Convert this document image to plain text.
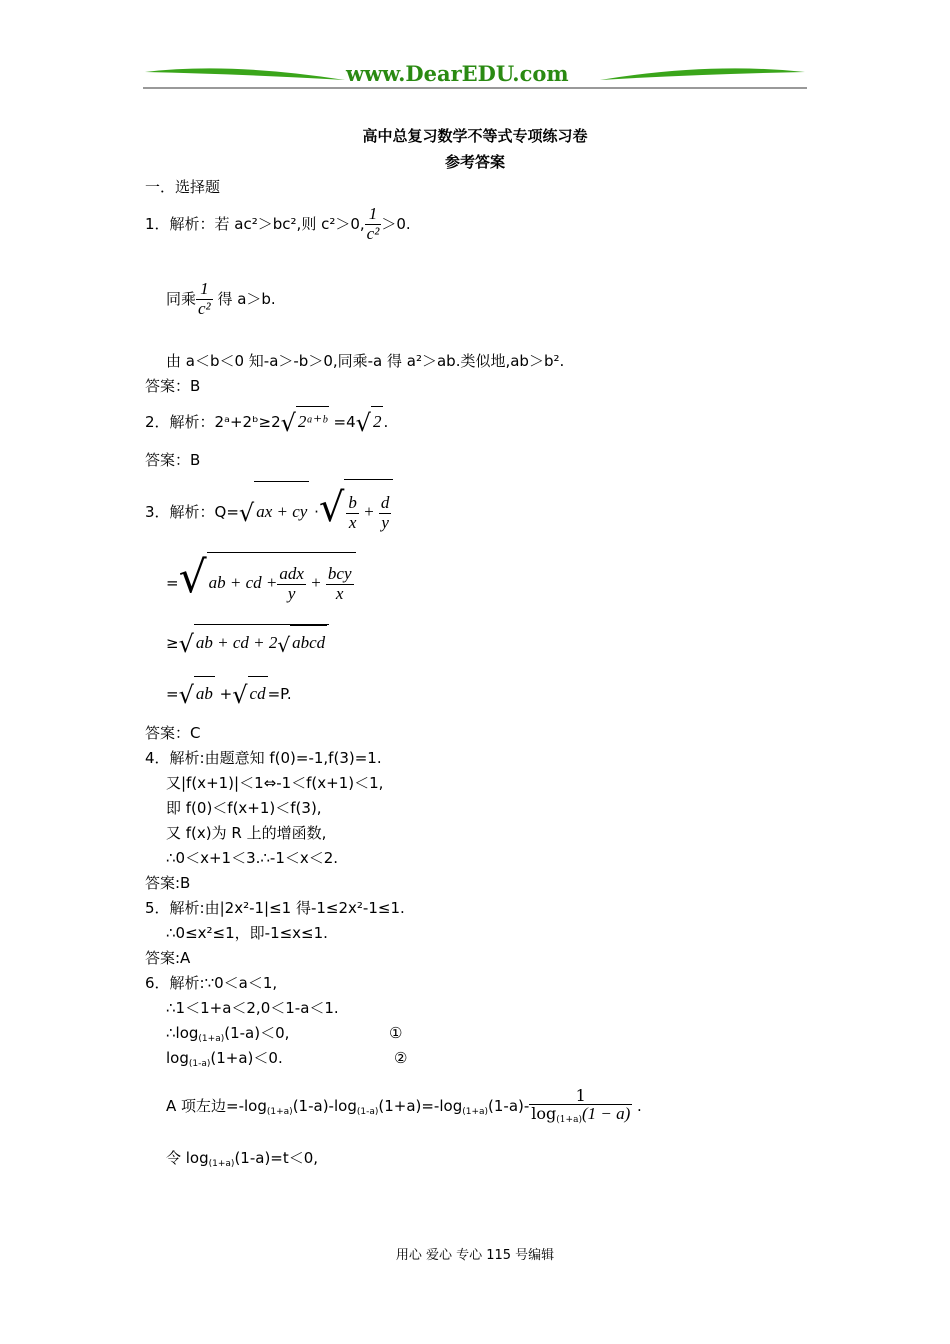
www.DearEDU.com
高中总复习数学不等式专项练习卷
参考答案
一．选择题
1．解析：若 ac²＞bc²,则 c²＞0, $\frac{1}{\text{c²}} >0$.
同乘 $\frac{1}{\text{c²}}$ 得 a＞b.
由 a＜b＜0 知-a＞-b＞0,同乘-a 得 a²＞ab.类似地,ab＞b².
答案：B
2．解析：2ᵃ+2ᵇ≥2√ 2ᵃ⁺ᵇ =4√ 2 .
答案：B
3．解析：Q=√ ax + cy ·√ $\frac{b}{x} + \frac{d}{y}$
=√ ab + cd + $\frac{\text{adx}}{y} + \frac{\text{bcy}}{x}$
≥√ ab + cd + 2√ abcd
=√ ab +√ cd =P.
答案：C
4．解析:由题意知 f(0)=-1,f(3)=1.
又|f(x+1)|＜1⇔-1＜f(x+1)＜1,
即 f(0)＜f(x+1)＜f(3),
又 f(x)为 R 上的增函数,
∴0＜x+1＜3.∴-1＜x＜2.
答案:B
5．解析:由|2x²-1|≤1 得-1≤2x²-1≤1.
∴0≤x²≤1，即-1≤x≤1.
答案:A
6．解析:∵0＜a＜1,
∴1＜1+a＜2,0＜1-a＜1.
$\therefore\log_{(1+a)}(1-a)<0$,	①
$\log_{(1-a)}(1+a)<0$.	②
A 项左边$=-\log_{(1+a)}(1-a)-\log_{(1-a)}(1+a)=-\log_{(1+a)}(1-a)- \frac{1}{\log_{(1+a)}(1 - a)}$ .
令 $\log_{(1+a)}(1-a)=t<0$,
用心 爱心 专心 115 号编辑
